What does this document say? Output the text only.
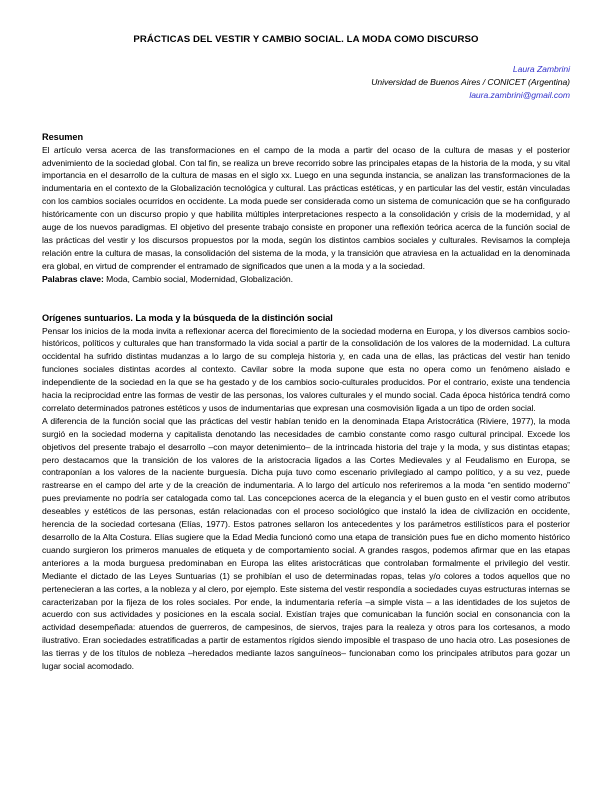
PRÁCTICAS DEL VESTIR Y CAMBIO SOCIAL. LA MODA COMO DISCURSO
Laura Zambrini
Universidad de Buenos Aires / CONICET (Argentina)
laura.zambrini@gmail.com
Resumen

El artículo versa acerca de las transformaciones en el campo de la moda a partir del ocaso de la cultura de masas y el posterior advenimiento de la sociedad global. Con tal fin, se realiza un breve recorrido sobre las principales etapas de la historia de la moda, y su vital importancia en el desarrollo de la cultura de masas en el siglo xx. Luego en una segunda instancia, se analizan las transformaciones de la indumentaria en el contexto de la Globalización tecnológica y cultural. Las prácticas estéticas, y en particular las del vestir, están vinculadas con los cambios sociales ocurridos en occidente. La moda puede ser considerada como un sistema de comunicación que se ha configurado históricamente con un discurso propio y que habilita múltiples interpretaciones respecto a la consolidación y crisis de la modernidad, y al auge de los nuevos paradigmas. El objetivo del presente trabajo consiste en proponer una reflexión teórica acerca de la función social de las prácticas del vestir y los discursos propuestos por la moda, según los distintos cambios sociales y culturales. Revisamos la compleja relación entre la cultura de masas, la consolidación del sistema de la moda, y la transición que atraviesa en la actualidad en la denominada era global, en virtud de comprender el entramado de significados que unen a la moda y a la sociedad.

Palabras clave: Moda, Cambio social, Modernidad, Globalización.

Orígenes suntuarios. La moda y la búsqueda de la distinción social

Pensar los inicios de la moda invita a reflexionar acerca del florecimiento de la sociedad moderna en Europa, y los diversos cambios socio-históricos, políticos y culturales que han transformado la vida social a partir de la consolidación de los valores de la modernidad. La cultura occidental ha sufrido distintas mudanzas a lo largo de su compleja historia y, en cada una de ellas, las prácticas del vestir han tenido funciones sociales distintas acordes al contexto. Cavilar sobre la moda supone que esta no opera como un fenómeno aislado e independiente de la sociedad en la que se ha gestado y de los cambios socio-culturales producidos. Por el contrario, existe una tendencia hacia la reciprocidad entre las formas de vestir de las personas, los valores culturales y el mundo social. Cada época histórica tendrá como correlato determinados patrones estéticos y usos de indumentarias que expresan una cosmovisión ligada a un tipo de orden social.

A diferencia de la función social que las prácticas del vestir habían tenido en la denominada Etapa Aristocrática (Riviere, 1977), la moda surgió en la sociedad moderna y capitalista denotando las necesidades de cambio constante como rasgo cultural principal. Excede los objetivos del presente trabajo el desarrollo –con mayor detenimiento– de la intrincada historia del traje y la moda, y sus distintas etapas; pero destacamos que la transición de los valores de la aristocracia ligados a las Cortes Medievales y al Feudalismo en Europa, se contraponían a los valores de la naciente burguesía. Dicha puja tuvo como escenario privilegiado al campo político, y a su vez, puede rastrearse en el campo del arte y de la creación de indumentaria. A lo largo del artículo nos referiremos a la moda “en sentido moderno” pues previamente no podría ser catalogada como tal. Las concepciones acerca de la elegancia y el buen gusto en el vestir como atributos deseables y estéticos de las personas, están relacionadas con el proceso sociológico que instaló la idea de civilización en occidente, herencia de la sociedad cortesana (Elías, 1977). Estos patrones sellaron los antecedentes y los parámetros estilísticos para el posterior desarrollo de la Alta Costura. Elías sugiere que la Edad Media funcionó como una etapa de transición pues fue en dicho momento histórico cuando surgieron los primeros manuales de etiqueta y de comportamiento social. A grandes rasgos, podemos afirmar que en las etapas anteriores a la moda burguesa predominaban en Europa las elites aristocráticas que controlaban formalmente el privilegio del vestir. Mediante el dictado de las Leyes Suntuarias (1) se prohibían el uso de determinadas ropas, telas y/o colores a todos aquellos que no pertenecieran a las cortes, a la nobleza y al clero, por ejemplo. Este sistema del vestir respondía a sociedades cuyas estructuras internas se caracterizaban por la fijeza de los roles sociales. Por ende, la indumentaria refería –a simple vista – a las identidades de los sujetos de acuerdo con sus actividades y posiciones en la escala social. Existían trajes que comunicaban la función social en consonancia con la actividad desempeñada: atuendos de guerreros, de campesinos, de siervos, trajes para la realeza y otros para los cortesanos, a modo ilustrativo. Eran sociedades estratificadas a partir de estamentos rígidos siendo imposible el traspaso de uno hacia otro. Las posesiones de las tierras y de los títulos de nobleza –heredados mediante lazos sanguíneos– funcionaban como los principales atributos para gozar un lugar social acomodado.
